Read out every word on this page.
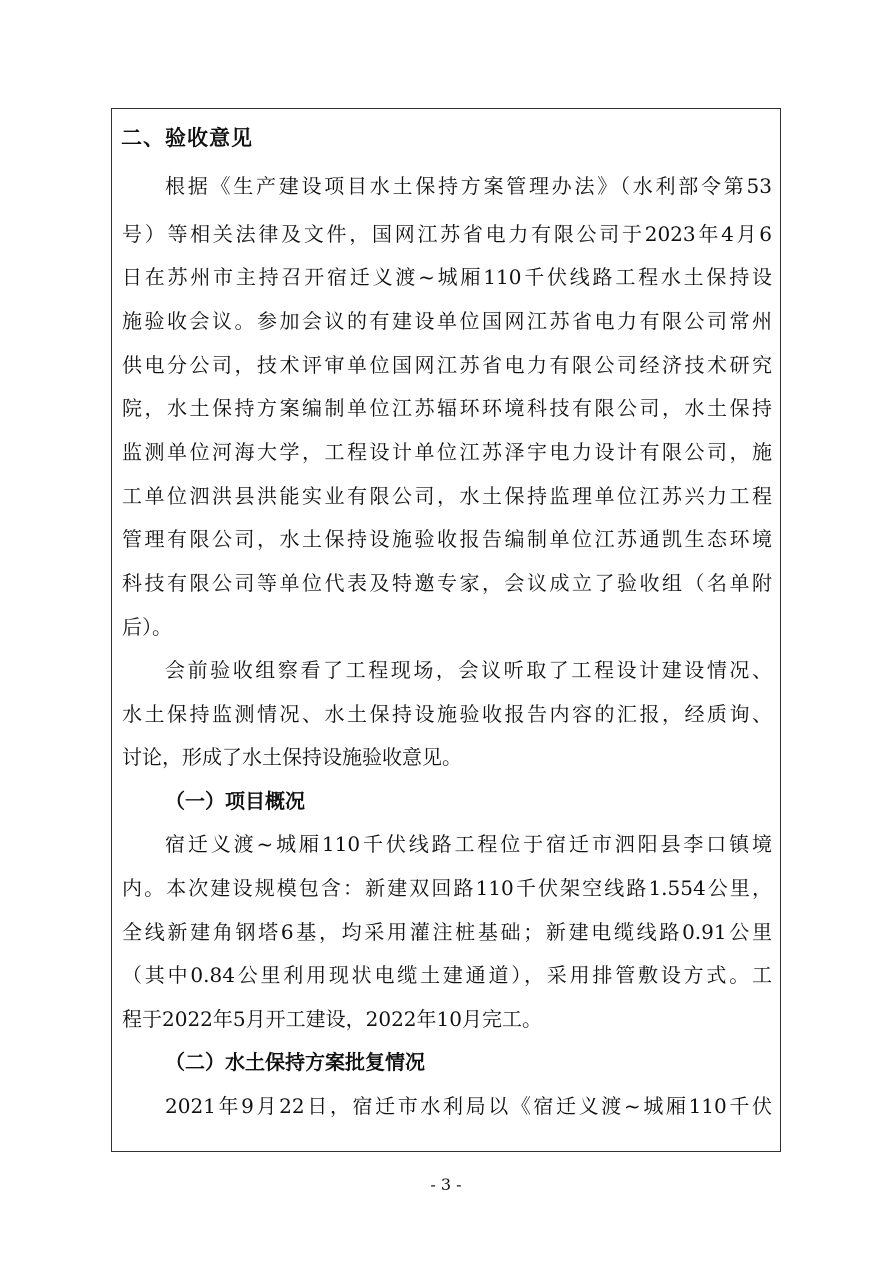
二、验收意见
根据《生产建设项目水土保持方案管理办法》（水利部令第53
号）等相关法律及文件，国网江苏省电力有限公司于2023年4月6
日在苏州市主持召开宿迁义渡~城厢110千伏线路工程水土保持设
施验收会议。参加会议的有建设单位国网江苏省电力有限公司常州
供电分公司，技术评审单位国网江苏省电力有限公司经济技术研究
院，水土保持方案编制单位江苏辐环环境科技有限公司，水土保持
监测单位河海大学，工程设计单位江苏泽宇电力设计有限公司，施
工单位泗洪县洪能实业有限公司，水土保持监理单位江苏兴力工程
管理有限公司，水土保持设施验收报告编制单位江苏通凯生态环境
科技有限公司等单位代表及特邀专家，会议成立了验收组（名单附
后）。
会前验收组察看了工程现场，会议听取了工程设计建设情况、
水土保持监测情况、水土保持设施验收报告内容的汇报，经质询、
讨论，形成了水土保持设施验收意见。
（一）项目概况
宿迁义渡~城厢110千伏线路工程位于宿迁市泗阳县李口镇境
内。本次建设规模包含：新建双回路110千伏架空线路1.554公里，
全线新建角钢塔6基，均采用灌注桩基础；新建电缆线路0.91公里
（其中0.84公里利用现状电缆土建通道），采用排管敷设方式。工
程于2022年5月开工建设，2022年10月完工。
（二）水土保持方案批复情况
2021年9月22日，宿迁市水利局以《宿迁义渡~城厢110千伏
- 3 -
